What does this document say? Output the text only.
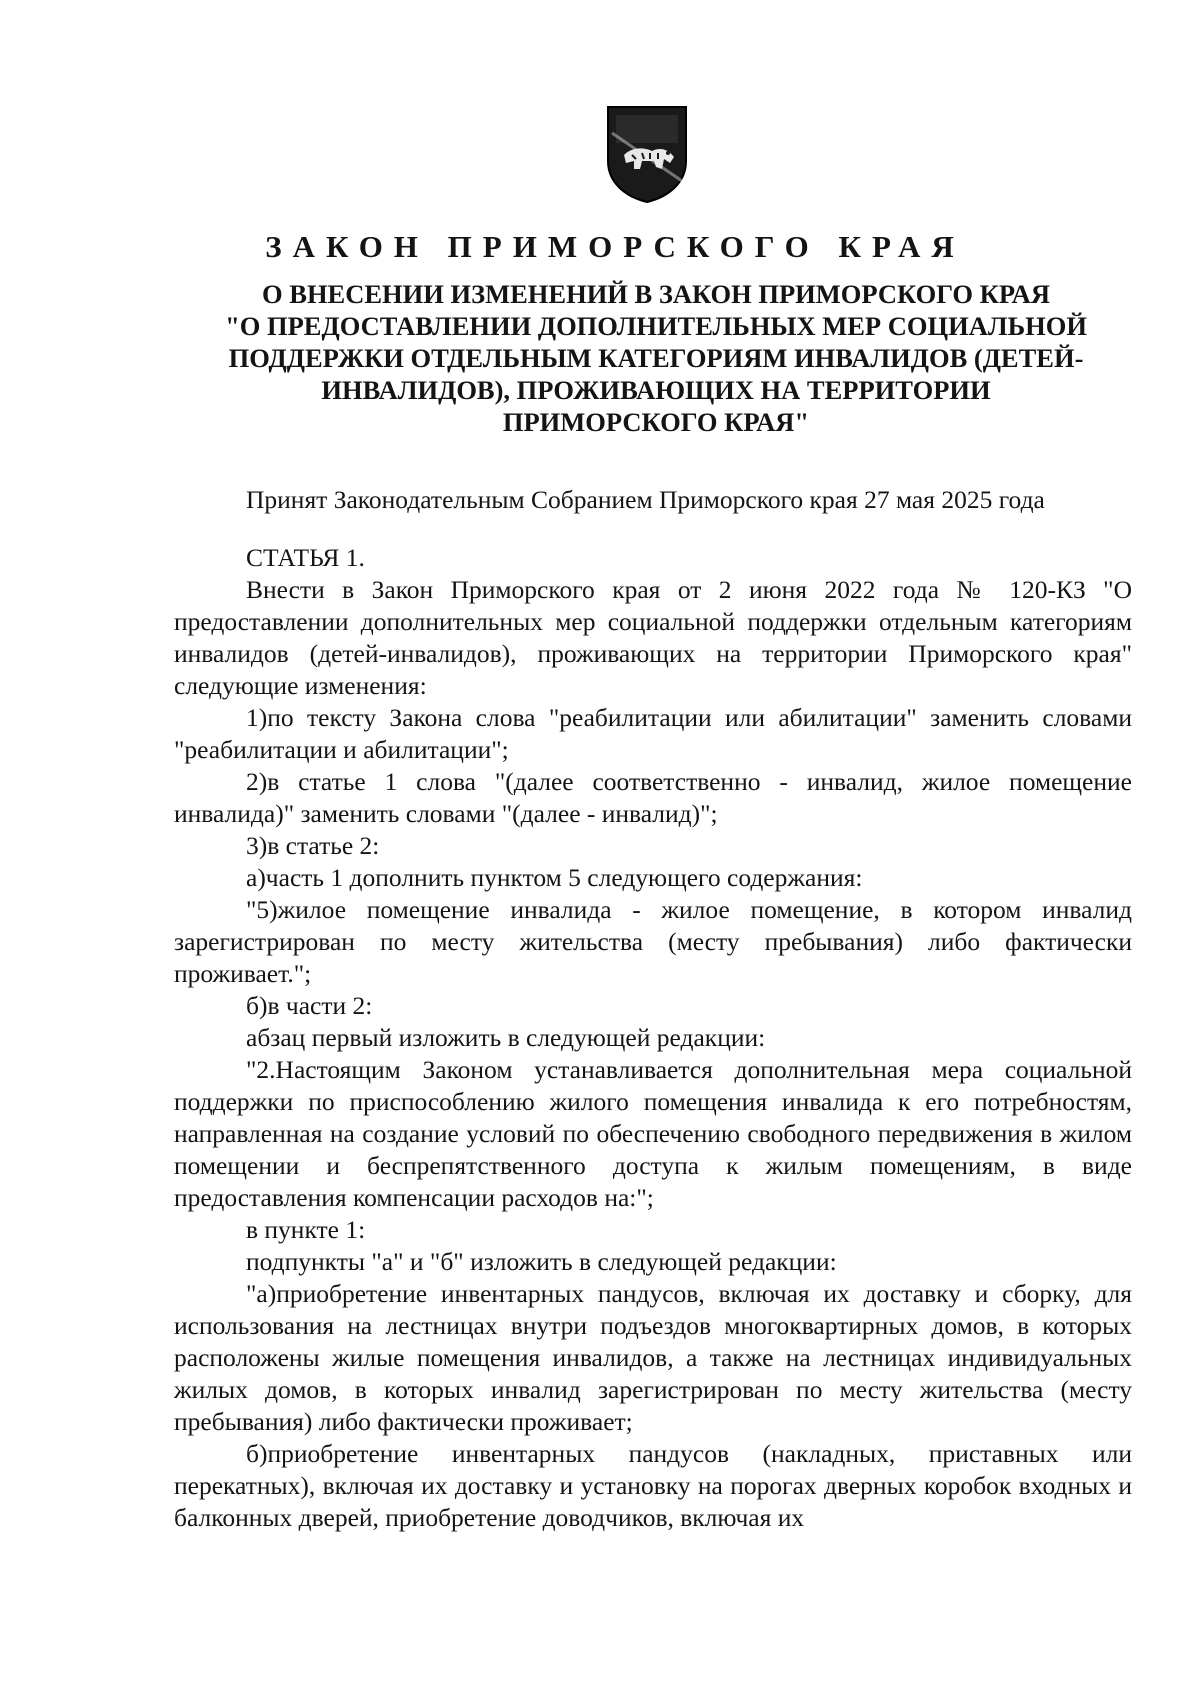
ЗАКОН ПРИМОРСКОГО КРАЯ
О ВНЕСЕНИИ ИЗМЕНЕНИЙ В ЗАКОН ПРИМОРСКОГО КРАЯ
"О ПРЕДОСТАВЛЕНИИ ДОПОЛНИТЕЛЬНЫХ МЕР СОЦИАЛЬНОЙ
ПОДДЕРЖКИ ОТДЕЛЬНЫМ КАТЕГОРИЯМ ИНВАЛИДОВ (ДЕТЕЙ-
ИНВАЛИДОВ), ПРОЖИВАЮЩИХ НА ТЕРРИТОРИИ
ПРИМОРСКОГО КРАЯ"

Принят Законодательным Собранием Приморского края 27 мая 2025 года

СТАТЬЯ 1.

Внести в Закон Приморского края от 2 июня 2022 года № 120-КЗ "О предоставлении дополнительных мер социальной поддержки отдельным категориям инвалидов (детей-инвалидов), проживающих на территории Приморского края" следующие изменения:

1)по тексту Закона слова "реабилитации или абилитации" заменить словами "реабилитации и абилитации";

2)в статье 1 слова "(далее соответственно - инвалид, жилое помещение инвалида)" заменить словами "(далее - инвалид)";

3)в статье 2:

а)часть 1 дополнить пунктом 5 следующего содержания:

"5)жилое помещение инвалида - жилое помещение, в котором инвалид зарегистрирован по месту жительства (месту пребывания) либо фактически проживает.";

б)в части 2:

абзац первый изложить в следующей редакции:

"2.Настоящим Законом устанавливается дополнительная мера социальной поддержки по приспособлению жилого помещения инвалида к его потребностям, направленная на создание условий по обеспечению свободного передвижения в жилом помещении и беспрепятственного доступа к жилым помещениям, в виде предоставления компенсации расходов на:";

в пункте 1:

подпункты "а" и "б" изложить в следующей редакции:

"а)приобретение инвентарных пандусов, включая их доставку и сборку, для использования на лестницах внутри подъездов многоквартирных домов, в которых расположены жилые помещения инвалидов, а также на лестницах индивидуальных жилых домов, в которых инвалид зарегистрирован по месту жительства (месту пребывания) либо фактически проживает;

б)приобретение инвентарных пандусов (накладных, приставных или перекатных), включая их доставку и установку на порогах дверных коробок входных и балконных дверей, приобретение доводчиков, включая их
